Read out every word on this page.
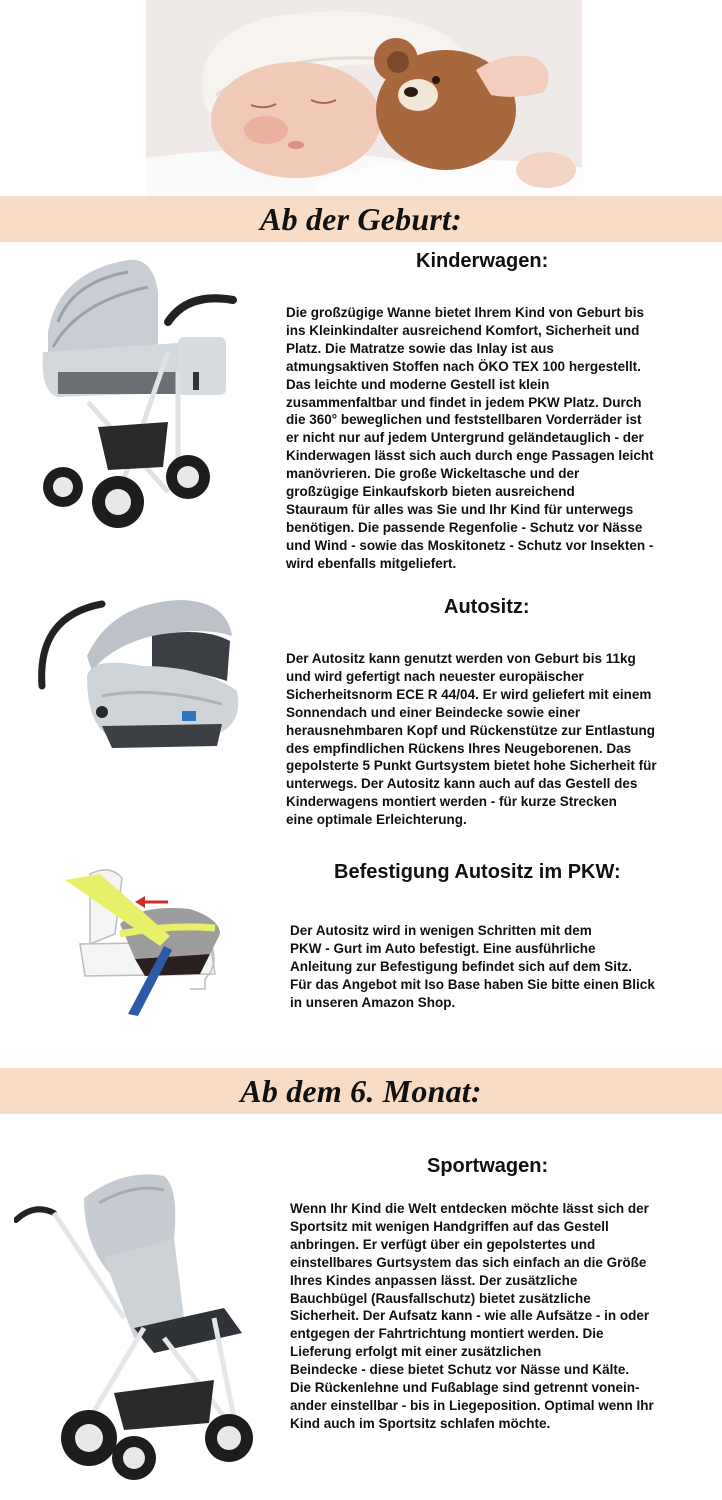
Ab der Geburt:

Kinderwagen:

Die großzügige Wanne bietet Ihrem Kind von Geburt bis
ins Kleinkindalter ausreichend Komfort, Sicherheit und
Platz. Die Matratze sowie das Inlay ist aus
atmungsaktiven Stoffen nach ÖKO TEX 100 hergestellt.
Das leichte und moderne Gestell ist klein
zusammenfaltbar und findet in jedem PKW Platz. Durch
die 360° beweglichen und feststellbaren Vorderräder ist
er nicht nur auf jedem Untergrund geländetauglich - der
Kinderwagen lässt sich auch durch enge Passagen leicht
manövrieren. Die große Wickeltasche und der
großzügige Einkaufskorb bieten ausreichend
Stauraum für alles was Sie und Ihr Kind für unterwegs
benötigen. Die passende Regenfolie - Schutz vor Nässe
und Wind - sowie das Moskitonetz - Schutz vor Insekten -
wird ebenfalls mitgeliefert.

Autositz:

Der Autositz kann genutzt werden von Geburt bis 11kg
und wird gefertigt nach neuester europäischer
Sicherheitsnorm ECE R 44/04. Er wird geliefert mit einem
Sonnendach und einer Beindecke sowie einer
herausnehmbaren Kopf und Rückenstütze zur Entlastung
des empfindlichen Rückens Ihres Neugeborenen. Das
gepolsterte 5 Punkt Gurtsystem bietet hohe Sicherheit für
unterwegs. Der Autositz kann auch auf das Gestell des
Kinderwagens montiert werden - für kurze Strecken
eine optimale Erleichterung.

Befestigung Autositz im PKW:

Der Autositz wird in wenigen Schritten mit dem
PKW - Gurt im Auto befestigt. Eine ausführliche
Anleitung zur Befestigung befindet sich auf dem Sitz.
Für das Angebot mit Iso Base haben Sie bitte einen Blick
in unseren Amazon Shop.

Ab dem 6. Monat:

Sportwagen:

Wenn Ihr Kind die Welt entdecken möchte lässt sich der
Sportsitz mit wenigen Handgriffen auf das Gestell
anbringen. Er verfügt über ein gepolstertes und
einstellbares Gurtsystem das sich einfach an die Größe
Ihres Kindes anpassen lässt. Der zusätzliche
Bauchbügel (Rausfallschutz) bietet zusätzliche
Sicherheit. Der Aufsatz kann - wie alle Aufsätze - in oder
entgegen der Fahrtrichtung montiert werden. Die
Lieferung erfolgt mit einer zusätzlichen
Beindecke - diese bietet Schutz vor Nässe und Kälte.
Die Rückenlehne und Fußablage sind getrennt vonein-
ander einstellbar - bis in Liegeposition. Optimal wenn Ihr
Kind auch im Sportsitz schlafen möchte.
